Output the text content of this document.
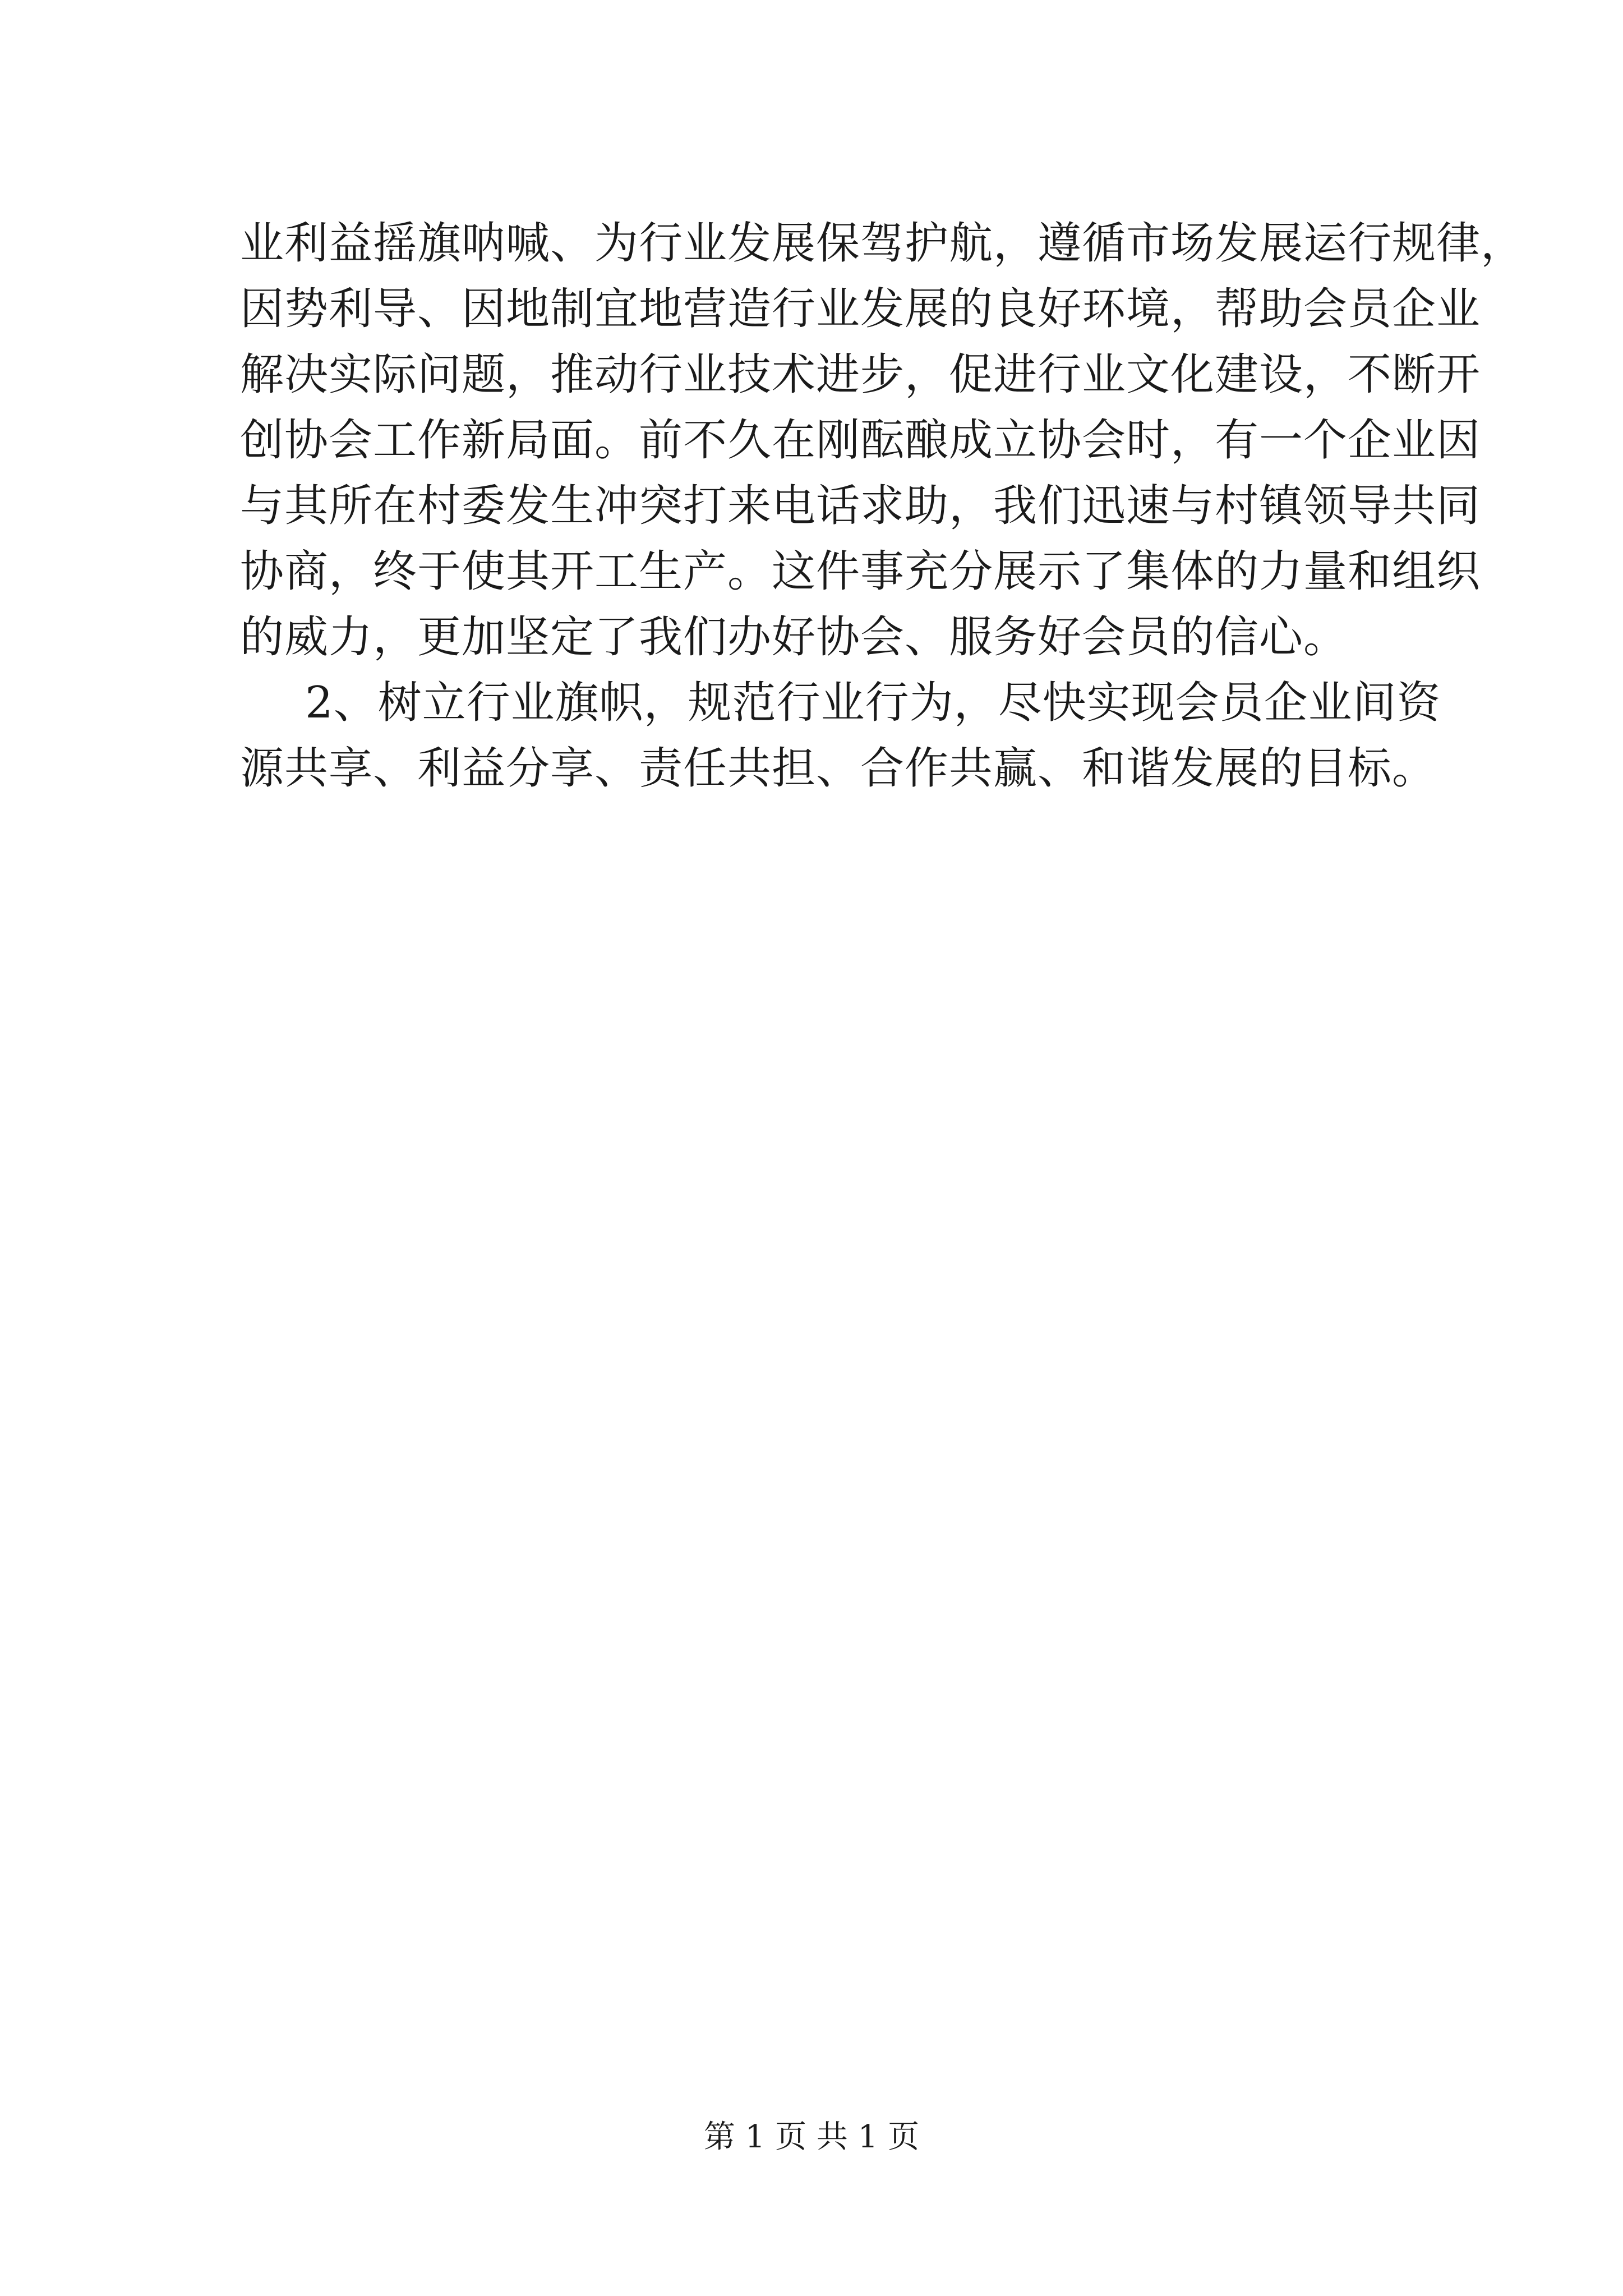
业利益摇旗呐喊、为行业发展保驾护航，遵循市场发展运行规律，
因势利导、因地制宜地营造行业发展的良好环境，帮助会员企业
解决实际问题，推动行业技术进步，促进行业文化建设，不断开
创协会工作新局面。前不久在刚酝酿成立协会时，有一个企业因
与其所在村委发生冲突打来电话求助，我们迅速与村镇领导共同
协商，终于使其开工生产。这件事充分展示了集体的力量和组织
的威力，更加坚定了我们办好协会、服务好会员的信心。
2、树立行业旗帜，规范行业行为，尽快实现会员企业间资
源共享、利益分享、责任共担、合作共赢、和谐发展的目标。
第 1 页 共 1 页
